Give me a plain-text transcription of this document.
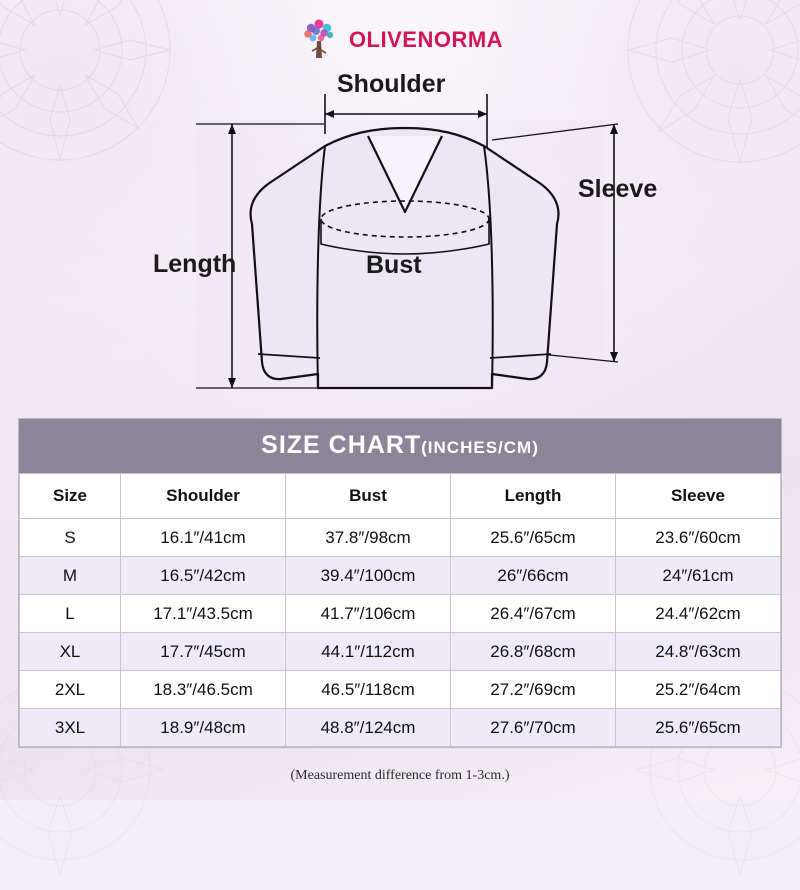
OLIVENORMA
Shoulder
Sleeve
Length	Bust
SIZE CHART(INCHES/CM)
Size	Shoulder	Bust	Length	Sleeve
S	16.1″/41cm	37.8″/98cm	25.6″/65cm	23.6″/60cm
M	16.5″/42cm	39.4″/100cm	26″/66cm	24″/61cm
L	17.1″/43.5cm	41.7″/106cm	26.4″/67cm	24.4″/62cm
XL	17.7″/45cm	44.1″/112cm	26.8″/68cm	24.8″/63cm
2XL	18.3″/46.5cm	46.5″/118cm	27.2″/69cm	25.2″/64cm
3XL	18.9″/48cm	48.8″/124cm	27.6″/70cm	25.6″/65cm
(Measurement difference from 1-3cm.)
